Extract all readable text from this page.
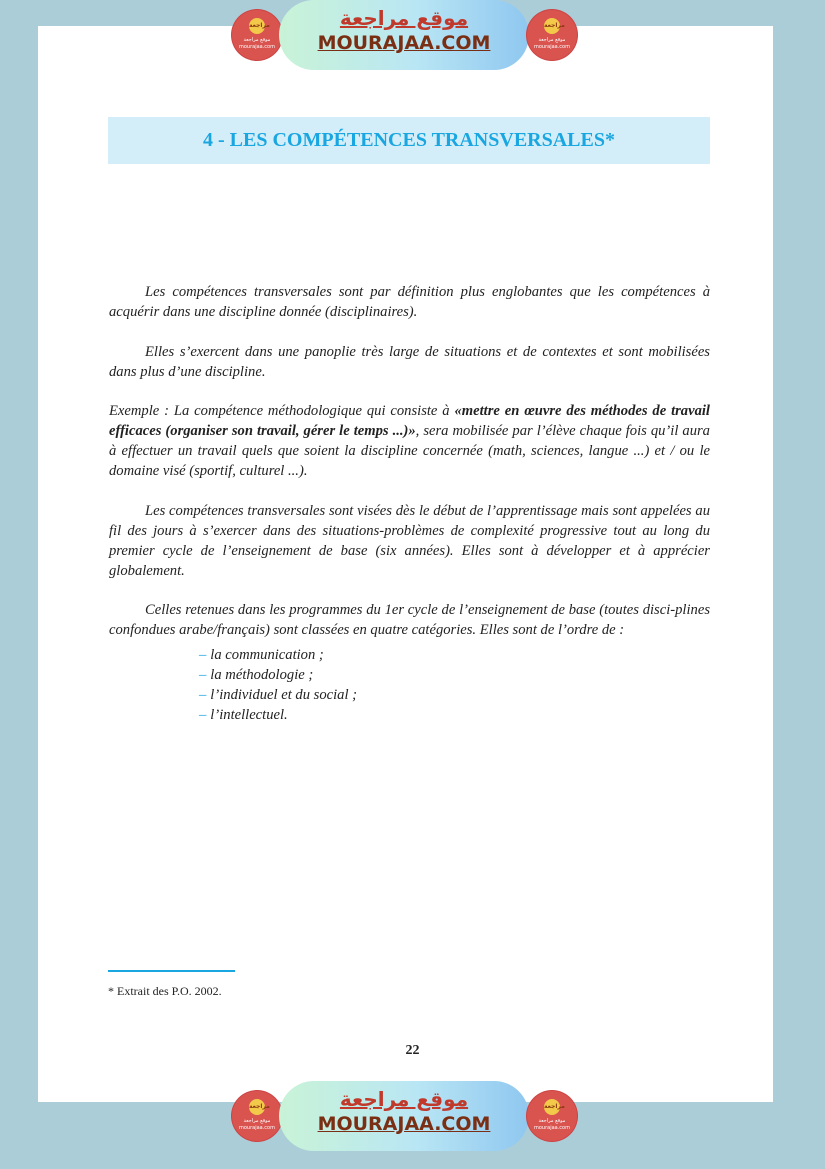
مراجعة
موقع مراجعة
mourajaa.com
موقع مراجعة
MOURAJAA.COM
مراجعة
موقع مراجعة
mourajaa.com
4 - LES COMPÉTENCES TRANSVERSALES*

Les compétences transversales sont par définition plus englobantes que les compétences à acquérir dans une discipline donnée (disciplinaires).

Elles s’exercent dans une panoplie très large de situations et de contextes et sont mobilisées dans plus d’une discipline.

Exemple : La compétence méthodologique qui consiste à «mettre en œuvre des méthodes de travail efficaces (organiser son travail, gérer le temps ...)», sera mobilisée par l’élève chaque fois qu’il aura à effectuer un travail quels que soient la discipline concernée (math, sciences, langue ...) et / ou le domaine visé (sportif, culturel ...).

Les compétences transversales sont visées dès le début de l’apprentissage mais sont appelées au fil des jours à s’exercer dans des situations-problèmes de complexité progressive tout au long du premier cycle de l’enseignement de base (six années). Elles sont à développer et à apprécier globalement.

Celles retenues dans les programmes du 1er cycle de l’enseignement de base (toutes disci-plines confondues arabe/français) sont classées en quatre catégories. Elles sont de l’ordre de :

– la communication ;
– la méthodologie ;
– l’individuel et du social ;
– l’intellectuel.
* Extrait des P.O. 2002.
22
مراجعة
موقع مراجعة
mourajaa.com
موقع مراجعة
MOURAJAA.COM
مراجعة
موقع مراجعة
mourajaa.com
